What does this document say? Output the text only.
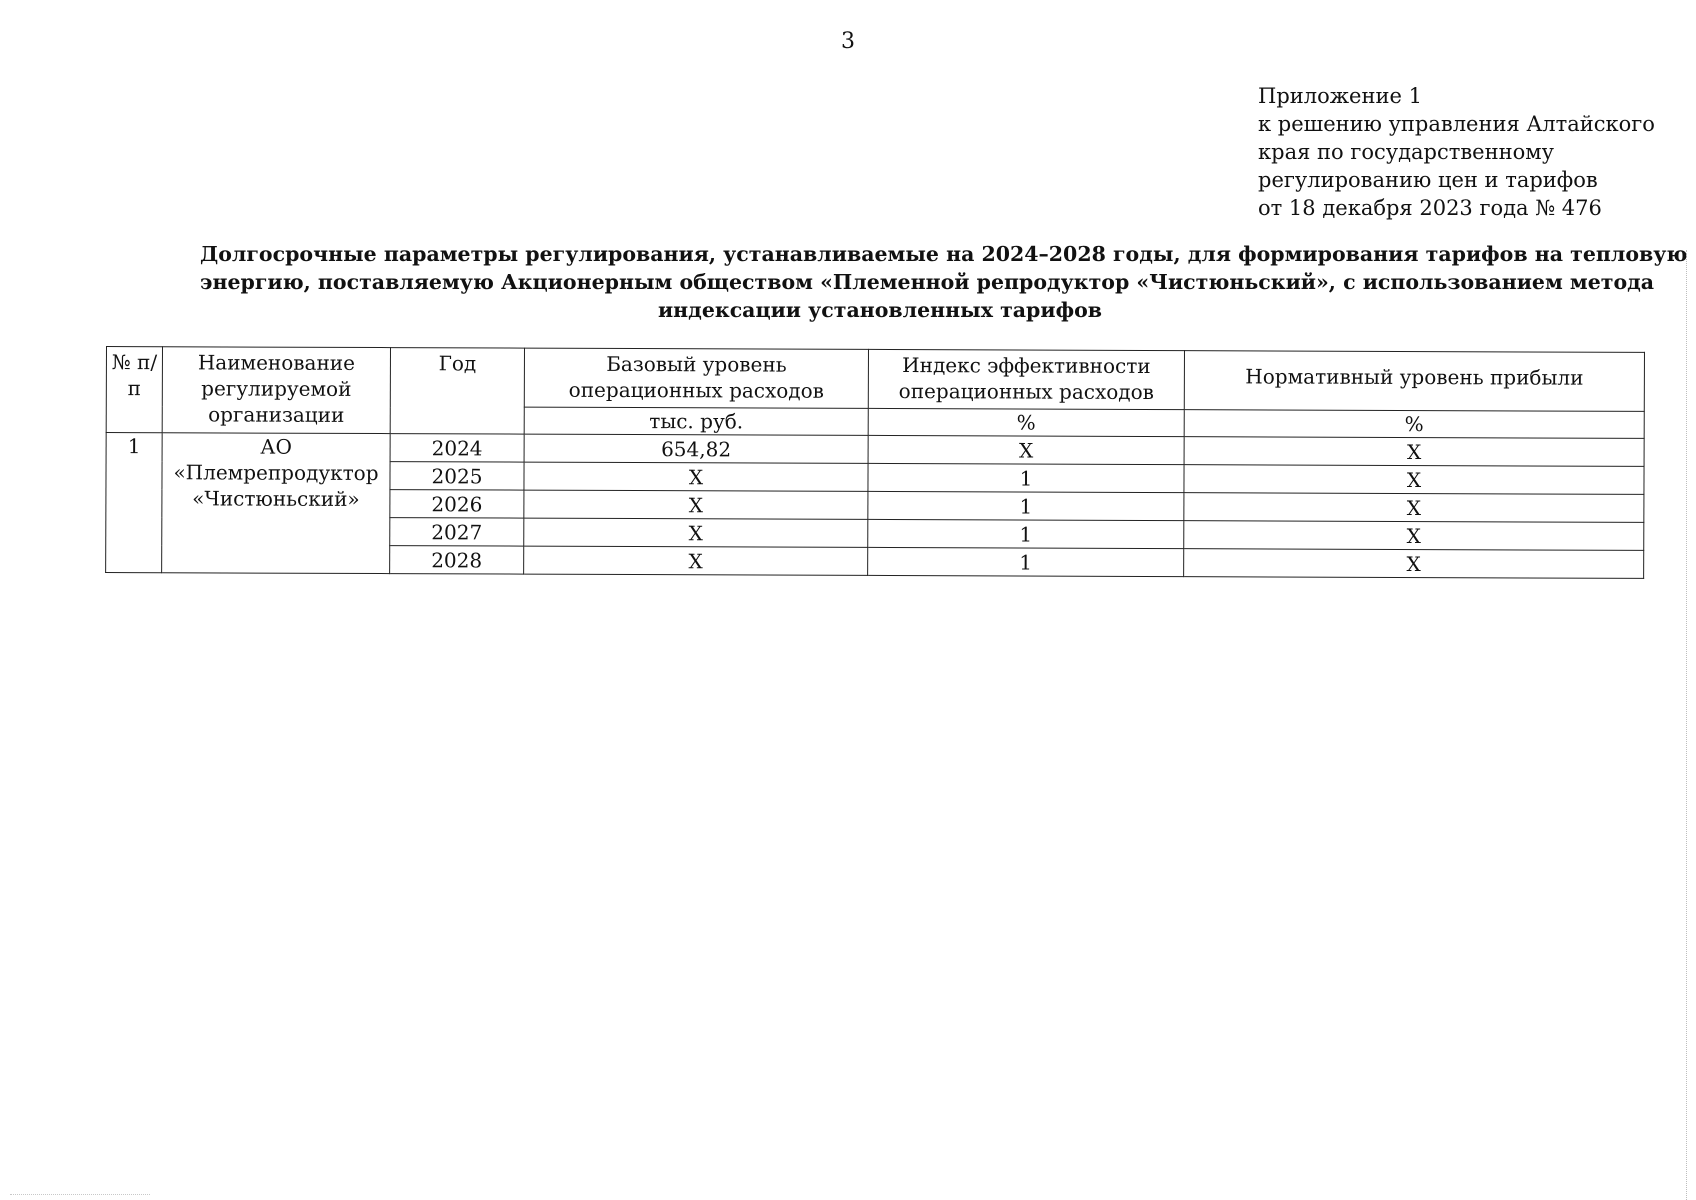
3
Приложение 1
к решению управления Алтайского
края по государственному
регулированию цен и тарифов
от 18 декабря 2023 года № 476
Долгосрочные параметры регулирования, устанавливаемые на 2024–2028 годы, для формирования тарифов на тепловую
энергию, поставляемую Акционерным обществом «Племенной репродуктор «Чистюньский», с использованием метода
индексации установленных тарифов
№ п/п	Наименование регулируемой организации	Год	Базовый уровень операционных расходов	Индекс эффективности операционных расходов	Нормативный уровень прибыли
			тыс. руб.	%	%
1	АО «Племрепродуктор «Чистюньский»	2024	654,82	Х	Х
		2025	Х	1	Х
		2026	Х	1	Х
		2027	Х	1	Х
		2028	Х	1	Х
